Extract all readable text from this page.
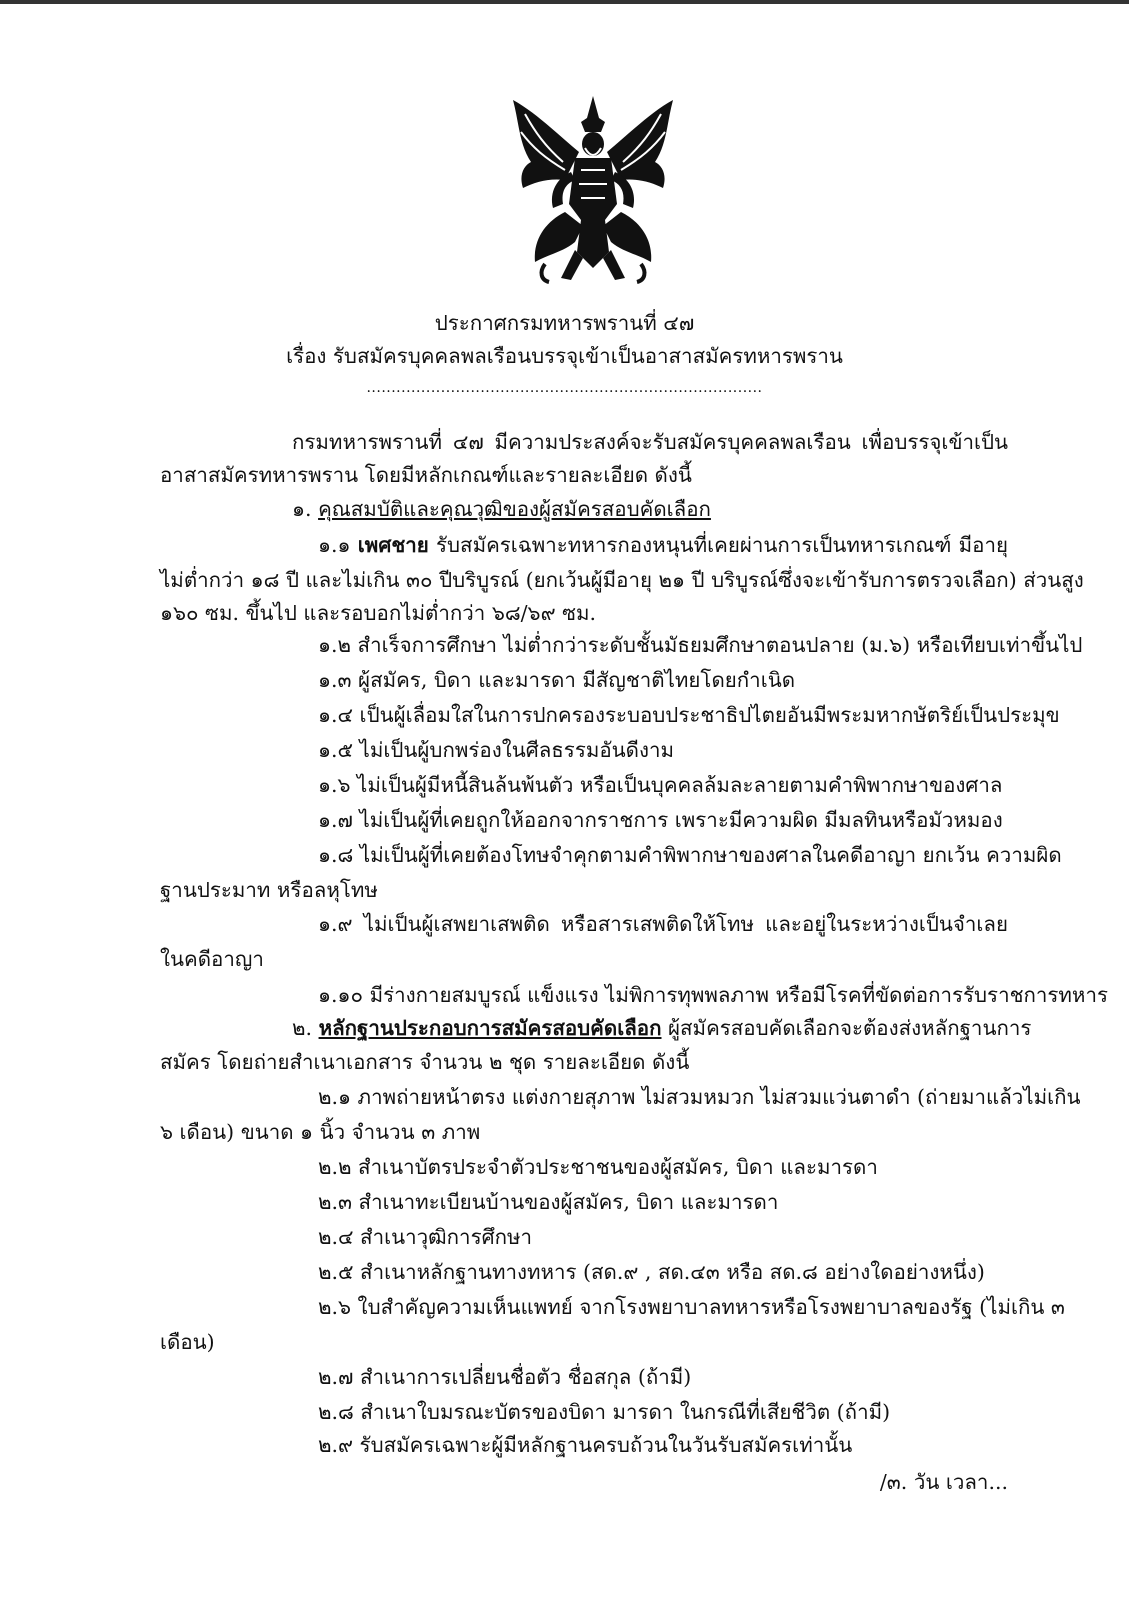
ประกาศกรมทหารพรานที่ ๔๗
เรื่อง รับสมัครบุคคลพลเรือนบรรจุเข้าเป็นอาสาสมัครทหารพราน
................................................................................
กรมทหารพรานที่ ๔๗ มีความประสงค์จะรับสมัครบุคคลพลเรือน เพื่อบรรจุเข้าเป็น
อาสาสมัครทหารพราน โดยมีหลักเกณฑ์และรายละเอียด ดังนี้
๑. คุณสมบัติและคุณวุฒิของผู้สมัครสอบคัดเลือก
๑.๑ เพศชาย รับสมัครเฉพาะทหารกองหนุนที่เคยผ่านการเป็นทหารเกณฑ์ มีอายุ
ไม่ต่ำกว่า ๑๘ ปี และไม่เกิน ๓๐ ปีบริบูรณ์ (ยกเว้นผู้มีอายุ ๒๑ ปี บริบูรณ์ซึ่งจะเข้ารับการตรวจเลือก) ส่วนสูง
๑๖๐ ซม. ขึ้นไป และรอบอกไม่ต่ำกว่า ๖๘/๖๙ ซม.
๑.๒ สำเร็จการศึกษา ไม่ต่ำกว่าระดับชั้นมัธยมศึกษาตอนปลาย (ม.๖) หรือเทียบเท่าขึ้นไป
๑.๓ ผู้สมัคร, บิดา และมารดา มีสัญชาติไทยโดยกำเนิด
๑.๔ เป็นผู้เลื่อมใสในการปกครองระบอบประชาธิปไตยอันมีพระมหากษัตริย์เป็นประมุข
๑.๕ ไม่เป็นผู้บกพร่องในศีลธรรมอันดีงาม
๑.๖ ไม่เป็นผู้มีหนี้สินล้นพ้นตัว หรือเป็นบุคคลล้มละลายตามคำพิพากษาของศาล
๑.๗ ไม่เป็นผู้ที่เคยถูกให้ออกจากราชการ เพราะมีความผิด มีมลทินหรือมัวหมอง
๑.๘ ไม่เป็นผู้ที่เคยต้องโทษจำคุกตามคำพิพากษาของศาลในคดีอาญา ยกเว้น ความผิด
ฐานประมาท หรือลหุโทษ
๑.๙ ไม่เป็นผู้เสพยาเสพติด หรือสารเสพติดให้โทษ และอยู่ในระหว่างเป็นจำเลย
ในคดีอาญา
๑.๑๐ มีร่างกายสมบูรณ์ แข็งแรง ไม่พิการทุพพลภาพ หรือมีโรคที่ขัดต่อการรับราชการทหาร
๒. หลักฐานประกอบการสมัครสอบคัดเลือก ผู้สมัครสอบคัดเลือกจะต้องส่งหลักฐานการ
สมัคร โดยถ่ายสำเนาเอกสาร จำนวน ๒ ชุด รายละเอียด ดังนี้
๒.๑ ภาพถ่ายหน้าตรง แต่งกายสุภาพ ไม่สวมหมวก ไม่สวมแว่นตาดำ (ถ่ายมาแล้วไม่เกิน
๖ เดือน) ขนาด ๑ นิ้ว จำนวน ๓ ภาพ
๒.๒ สำเนาบัตรประจำตัวประชาชนของผู้สมัคร, บิดา และมารดา
๒.๓ สำเนาทะเบียนบ้านของผู้สมัคร, บิดา และมารดา
๒.๔ สำเนาวุฒิการศึกษา
๒.๕ สำเนาหลักฐานทางทหาร (สด.๙ , สด.๔๓ หรือ สด.๘ อย่างใดอย่างหนึ่ง)
๒.๖ ใบสำคัญความเห็นแพทย์ จากโรงพยาบาลทหารหรือโรงพยาบาลของรัฐ (ไม่เกิน ๓
เดือน)
๒.๗ สำเนาการเปลี่ยนชื่อตัว ชื่อสกุล (ถ้ามี)
๒.๘ สำเนาใบมรณะบัตรของบิดา มารดา ในกรณีที่เสียชีวิต (ถ้ามี)
๒.๙ รับสมัครเฉพาะผู้มีหลักฐานครบถ้วนในวันรับสมัครเท่านั้น
/๓. วัน เวลา...
